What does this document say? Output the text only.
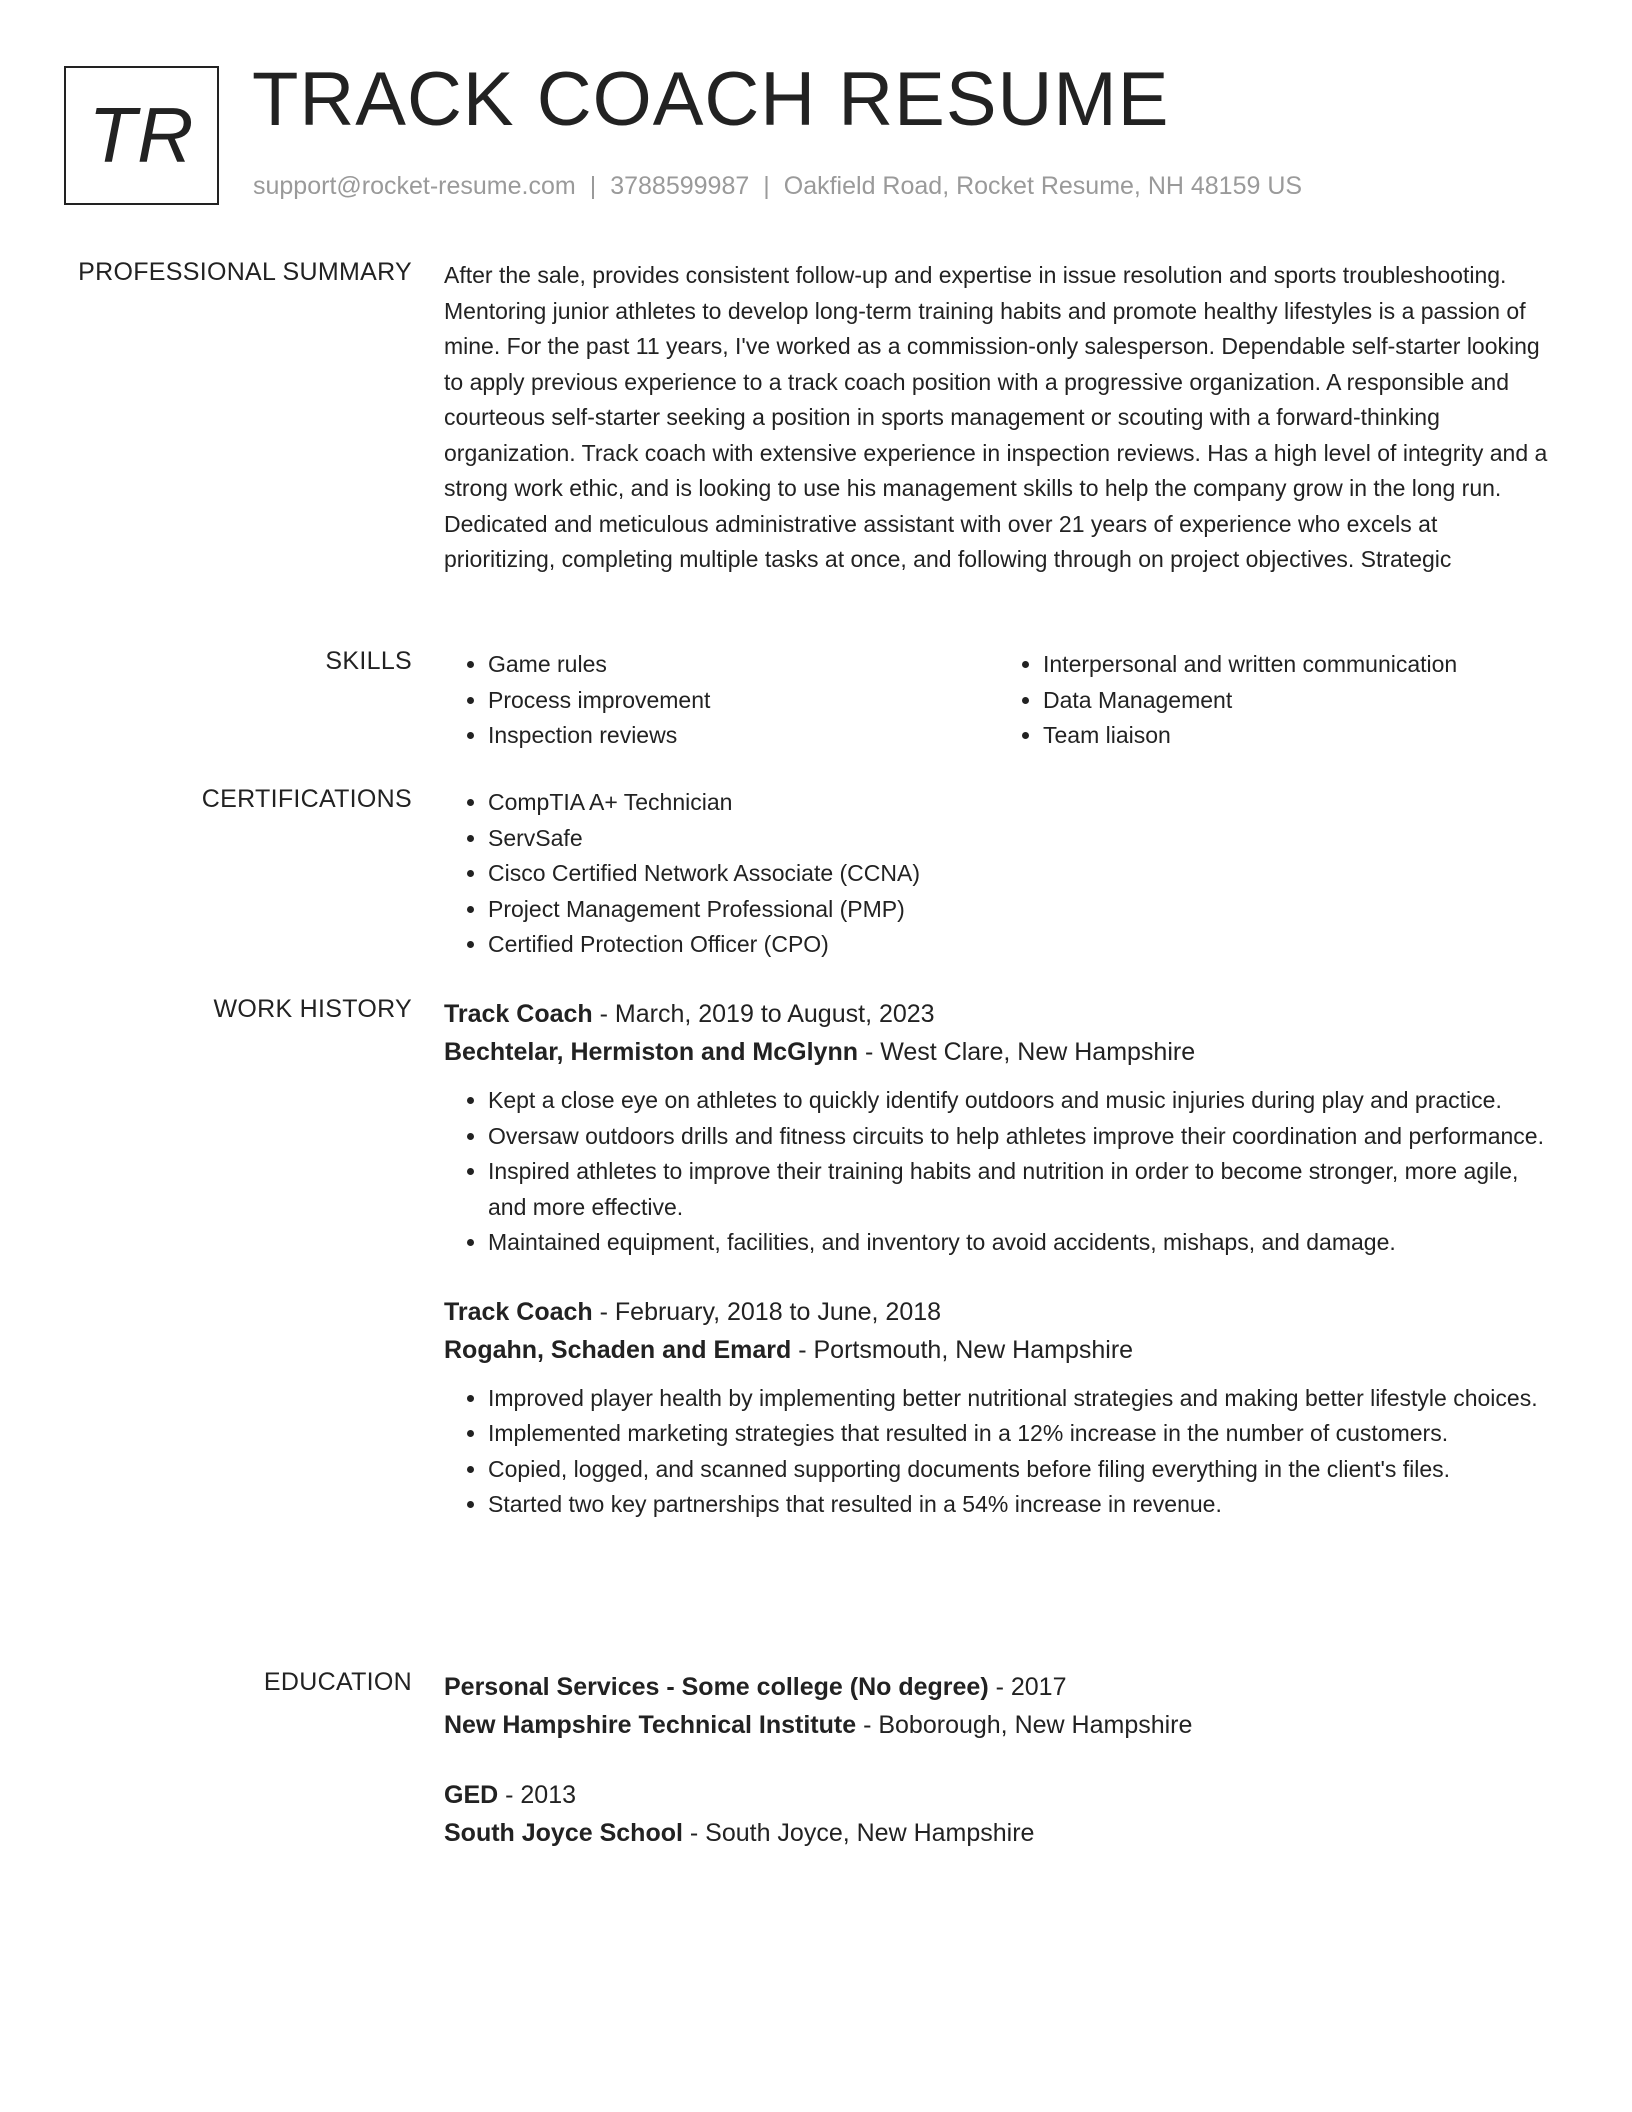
TR TRACK COACH RESUME
support@rocket-resume.com | 3788599987 | Oakfield Road, Rocket Resume, NH 48159 US
PROFESSIONAL SUMMARY After the sale, provides consistent follow-up and expertise in issue resolution and sports troubleshooting. Mentoring junior athletes to develop long-term training habits and promote healthy lifestyles is a passion of mine. For the past 11 years, I've worked as a commission-only salesperson. Dependable self-starter looking to apply previous experience to a track coach position with a progressive organization. A responsible and courteous self-starter seeking a position in sports management or scouting with a forward-thinking organization. Track coach with extensive experience in inspection reviews. Has a high level of integrity and a strong work ethic, and is looking to use his management skills to help the company grow in the long run. Dedicated and meticulous administrative assistant with over 21 years of experience who excels at prioritizing, completing multiple tasks at once, and following through on project objectives. Strategic
SKILLS	• Game rules
• Process improvement
• Inspection reviews
• Interpersonal and written communication
• Data Management
• Team liaison
CERTIFICATIONS	• CompTIA A+ Technician
• ServSafe
• Cisco Certified Network Associate (CCNA)
• Project Management Professional (PMP)
• Certified Protection Officer (CPO)
WORK HISTORY Track Coach - March, 2019 to August, 2023
Bechtelar, Hermiston and McGlynn - West Clare, New Hampshire
• Kept a close eye on athletes to quickly identify outdoors and music injuries during play and practice.
• Oversaw outdoors drills and fitness circuits to help athletes improve their coordination and performance.
• Inspired athletes to improve their training habits and nutrition in order to become stronger, more agile, and more effective.
• Maintained equipment, facilities, and inventory to avoid accidents, mishaps, and damage.
Track Coach - February, 2018 to June, 2018
Rogahn, Schaden and Emard - Portsmouth, New Hampshire
• Improved player health by implementing better nutritional strategies and making better lifestyle choices.
• Implemented marketing strategies that resulted in a 12% increase in the number of customers.
• Copied, logged, and scanned supporting documents before filing everything in the client's files.
• Started two key partnerships that resulted in a 54% increase in revenue.
EDUCATION Personal Services - Some college (No degree) - 2017
New Hampshire Technical Institute - Boborough, New Hampshire
GED - 2013
South Joyce School - South Joyce, New Hampshire
